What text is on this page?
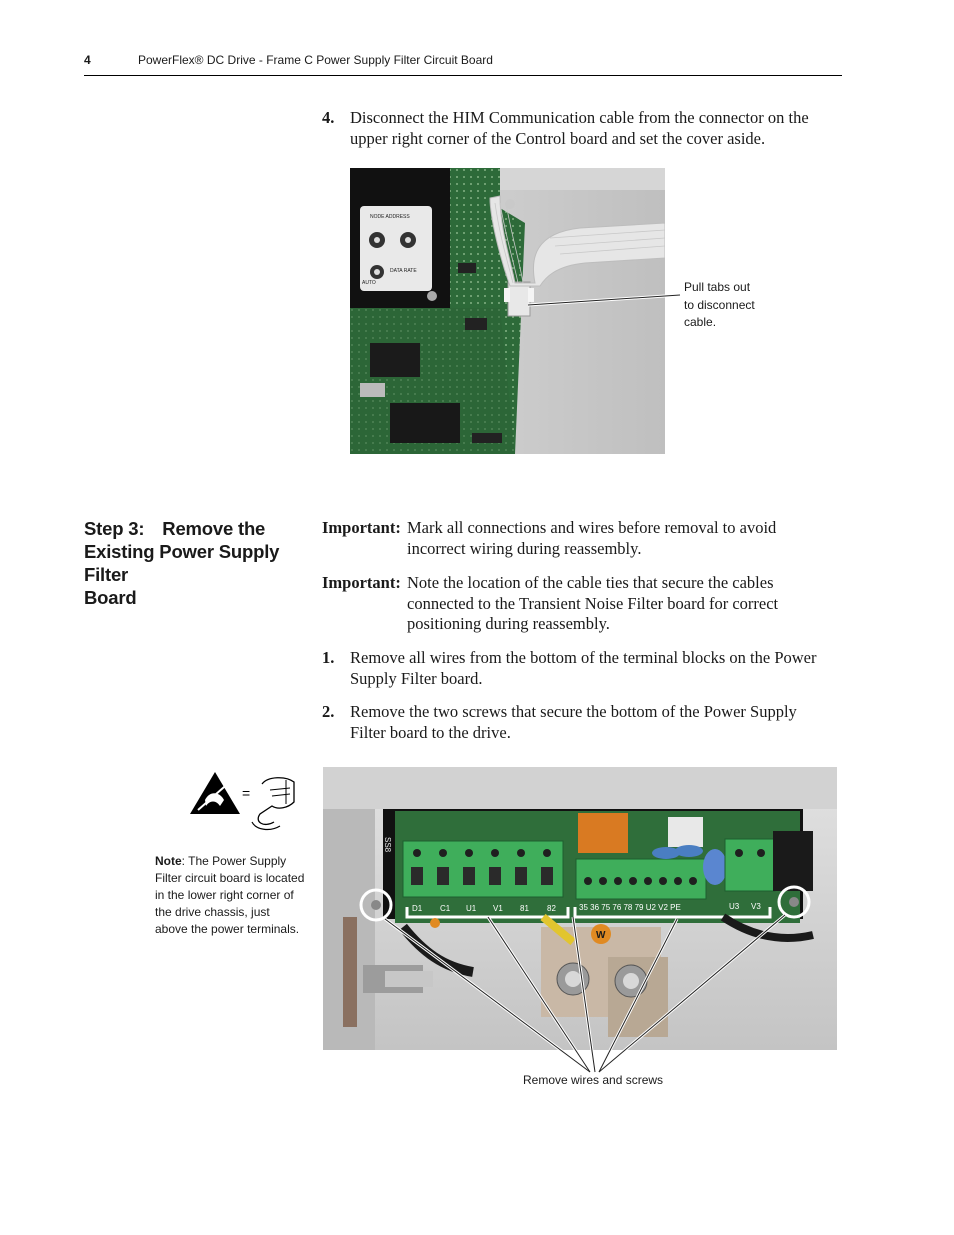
4	PowerFlex® DC Drive - Frame C Power Supply Filter Circuit Board
4. Disconnect the HIM Communication cable from the connector on the
upper right corner of the Control board and set the cover aside.
NODE ADDRESS
DATA RATE
AUTO	Pull tabs out
to disconnect
cable.
Step 3: Remove the
Existing Power Supply Filter
Board
Important: Mark all connections and wires before removal to avoid
incorrect wiring during reassembly.
Important: Note the location of the cable ties that secure the cables
connected to the Transient Noise Filter board for correct
positioning during reassembly.
1. Remove all wires from the bottom of the terminal blocks on the Power
Supply Filter board.
2. Remove the two screws that secure the bottom of the Power Supply
Filter board to the drive.
=
Note: The Power Supply
Filter circuit board is located
in the lower right corner of
the drive chassis, just
above the power terminals.
SS8
D1 C1 U1 V1 81 82	35 36 75 76 78 79 U2 V2 PE	U3 V3
W
Remove wires and screws
